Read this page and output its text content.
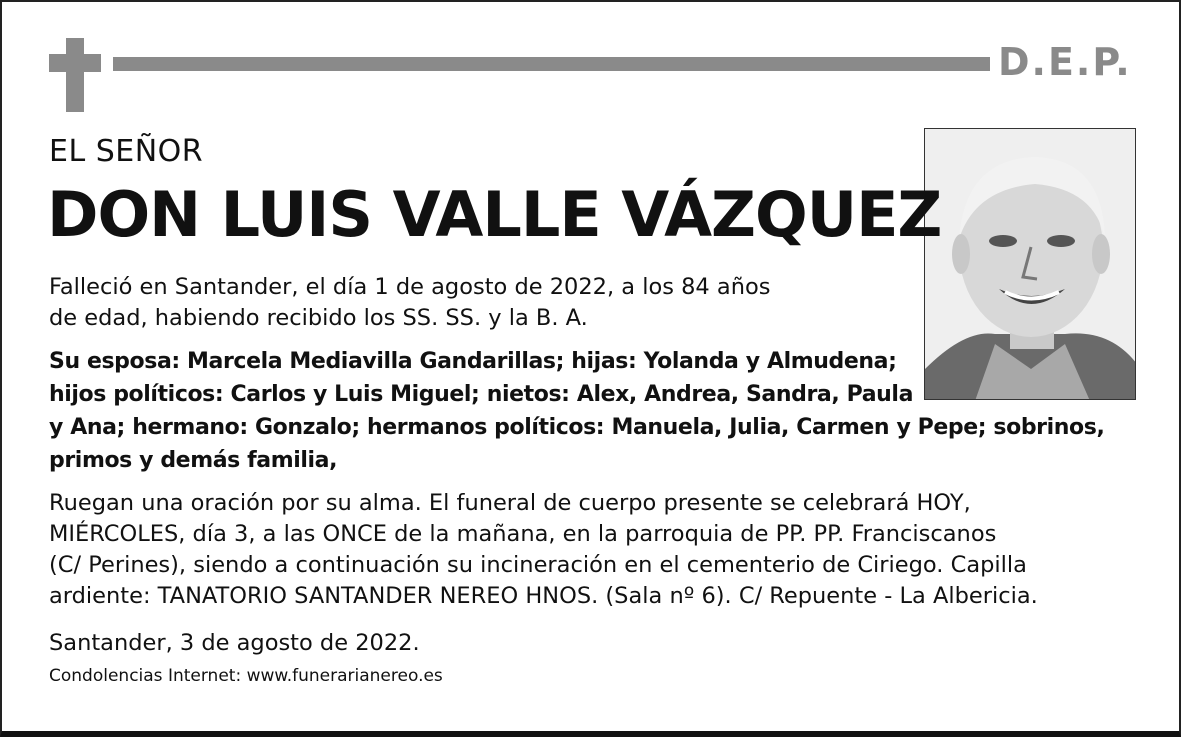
D.E.P.
EL SEÑOR
DON LUIS VALLE VÁZQUEZ
Falleció en Santander, el día 1 de agosto de 2022, a los 84 años
de edad, habiendo recibido los SS. SS. y la B. A.
Su esposa: Marcela Mediavilla Gandarillas; hijas: Yolanda y Almudena;
hijos políticos: Carlos y Luis Miguel; nietos: Alex, Andrea, Sandra, Paula
y Ana; hermano: Gonzalo; hermanos políticos: Manuela, Julia, Carmen y Pepe; sobrinos,
primos y demás familia,
Ruegan una oración por su alma. El funeral de cuerpo presente se celebrará HOY,
MIÉRCOLES, día 3, a las ONCE de la mañana, en la parroquia de PP. PP. Franciscanos
(C/ Perines), siendo a continuación su incineración en el cementerio de Ciriego. Capilla
ardiente: TANATORIO SANTANDER NEREO HNOS. (Sala nº 6). C/ Repuente - La Albericia.
Santander, 3 de agosto de 2022.
Condolencias Internet: www.funerarianereo.es
